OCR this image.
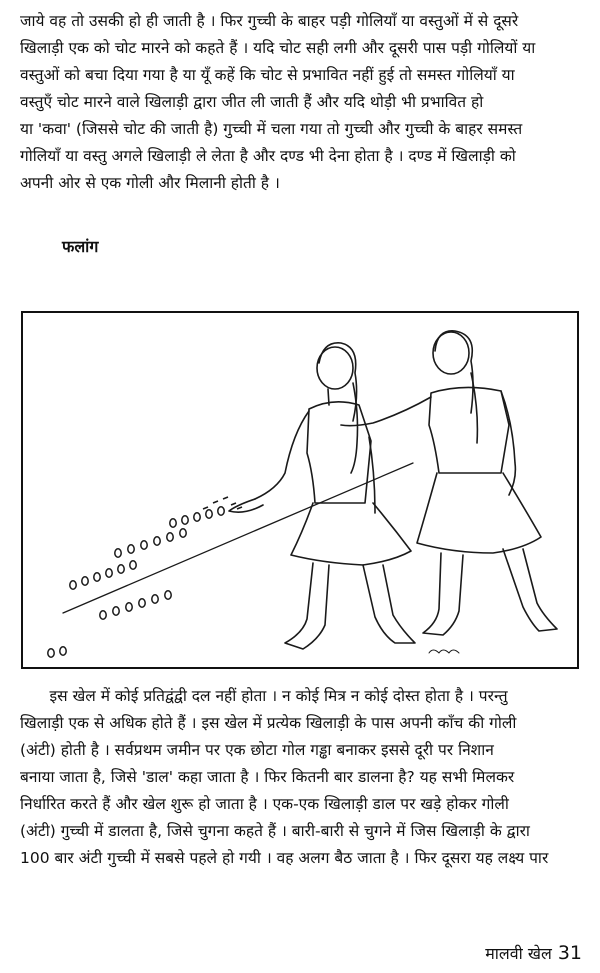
जाये वह तो उसकी हो ही जाती है । फिर गुच्ची के बाहर पड़ी गोलियाँ या वस्तुओं में से दूसरे
खिलाड़ी एक को चोट मारने को कहते हैं । यदि चोट सही लगी और दूसरी पास पड़ी गोलियों या
वस्तुओं को बचा दिया गया है या यूँ कहें कि चोट से प्रभावित नहीं हुई तो समस्त गोलियाँ या
वस्तुएँ चोट मारने वाले खिलाड़ी द्वारा जीत ली जाती हैं और यदि थोड़ी भी प्रभावित हो
या 'कवा' (जिससे चोट की जाती है) गुच्ची में चला गया तो गुच्ची और गुच्ची के बाहर समस्त
गोलियाँ या वस्तु अगले खिलाड़ी ले लेता है और दण्ड भी देना होता है । दण्ड में खिलाड़ी को
अपनी ओर से एक गोली और मिलानी होती है ।
फलांग
इस खेल में कोई प्रतिद्वंद्वी दल नहीं होता । न कोई मित्र न कोई दोस्त होता है । परन्तु
खिलाड़ी एक से अधिक होते हैं । इस खेल में प्रत्येक खिलाड़ी के पास अपनी काँच की गोली
(अंटी) होती है । सर्वप्रथम जमीन पर एक छोटा गोल गड्ढा बनाकर इससे दूरी पर निशान
बनाया जाता है, जिसे 'डाल' कहा जाता है । फिर कितनी बार डालना है? यह सभी मिलकर
निर्धारित करते हैं और खेल शुरू हो जाता है । एक-एक खिलाड़ी डाल पर खड़े होकर गोली
(अंटी) गुच्ची में डालता है, जिसे चुगना कहते हैं । बारी-बारी से चुगने में जिस खिलाड़ी के द्वारा
100 बार अंटी गुच्ची में सबसे पहले हो गयी । वह अलग बैठ जाता है । फिर दूसरा यह लक्ष्य पार
मालवी खेल 31
